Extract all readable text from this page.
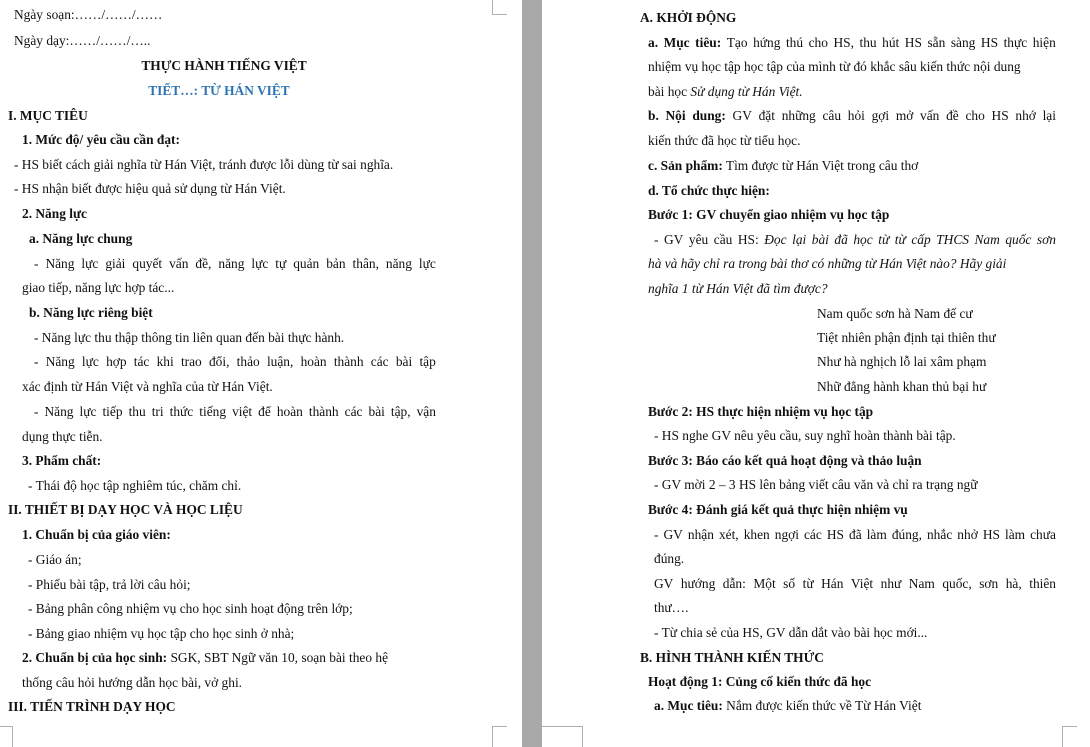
Ngày soạn:……/……/……
Ngày dạy:……/……/…..
THỰC HÀNH TIẾNG VIỆT
TIẾT…: TỪ HÁN VIỆT
I. MỤC TIÊU
1. Mức độ/ yêu cầu cần đạt:
- HS biết cách giải nghĩa từ Hán Việt, tránh được lỗi dùng từ sai nghĩa.
- HS nhận biết được hiệu quả sử dụng từ Hán Việt.
2. Năng lực
a. Năng lực chung
- Năng lực giải quyết vấn đề, năng lực tự quản bản thân, năng lực
giao tiếp, năng lực hợp tác...
b. Năng lực riêng biệt
- Năng lực thu thập thông tin liên quan đến bài thực hành.
- Năng lực hợp tác khi trao đổi, thảo luận, hoàn thành các bài tập
xác định từ Hán Việt và nghĩa của từ Hán Việt.
- Năng lực tiếp thu tri thức tiếng việt để hoàn thành các bài tập, vận
dụng thực tiễn.
3. Phẩm chất:
- Thái độ học tập nghiêm túc, chăm chỉ.
II. THIẾT BỊ DẠY HỌC VÀ HỌC LIỆU
1. Chuẩn bị của giáo viên:
- Giáo án;
- Phiếu bài tập, trả lời câu hỏi;
- Bảng phân công nhiệm vụ cho học sinh hoạt động trên lớp;
- Bảng giao nhiệm vụ học tập cho học sinh ở nhà;
2. Chuẩn bị của học sinh: SGK, SBT Ngữ văn 10, soạn bài theo hệ
thống câu hỏi hướng dẫn học bài, vở ghi.
III. TIẾN TRÌNH DẠY HỌC
A. KHỞI ĐỘNG
a. Mục tiêu: Tạo hứng thú cho HS, thu hút HS sẵn sàng HS thực hiện
nhiệm vụ học tập học tập của mình từ đó khắc sâu kiến thức nội dung
bài học Sử dụng từ Hán Việt.
b. Nội dung: GV đặt những câu hỏi gợi mở vấn đề cho HS nhớ lại
kiến thức đã học từ tiểu học.
c. Sản phẩm: Tìm được từ Hán Việt trong câu thơ
d. Tổ chức thực hiện:
Bước 1: GV chuyển giao nhiệm vụ học tập
- GV yêu cầu HS: Đọc lại bài đã học từ từ cấp THCS Nam quốc sơn
hà và hãy chỉ ra trong bài thơ có những từ Hán Việt nào? Hãy giải
nghĩa 1 từ Hán Việt đã tìm được?
Nam quốc sơn hà Nam đế cư
Tiệt nhiên phận định tại thiên thư
Như hà nghịch lỗ lai xâm phạm
Nhữ đẳng hành khan thủ bại hư
Bước 2: HS thực hiện nhiệm vụ học tập
- HS nghe GV nêu yêu cầu, suy nghĩ hoàn thành bài tập.
Bước 3: Báo cáo kết quả hoạt động và thảo luận
- GV mời 2 – 3 HS lên bảng viết câu văn và chỉ ra trạng ngữ
Bước 4: Đánh giá kết quả thực hiện nhiệm vụ
- GV nhận xét, khen ngợi các HS đã làm đúng, nhắc nhở HS làm chưa
đúng.
GV hướng dẫn: Một số từ Hán Việt như Nam quốc, sơn hà, thiên
thư….
- Từ chia sẻ của HS, GV dẫn dắt vào bài học mới...
B. HÌNH THÀNH KIẾN THỨC
Hoạt động 1: Củng cố kiến thức đã học
a. Mục tiêu: Nắm được kiến thức về Từ Hán Việt
